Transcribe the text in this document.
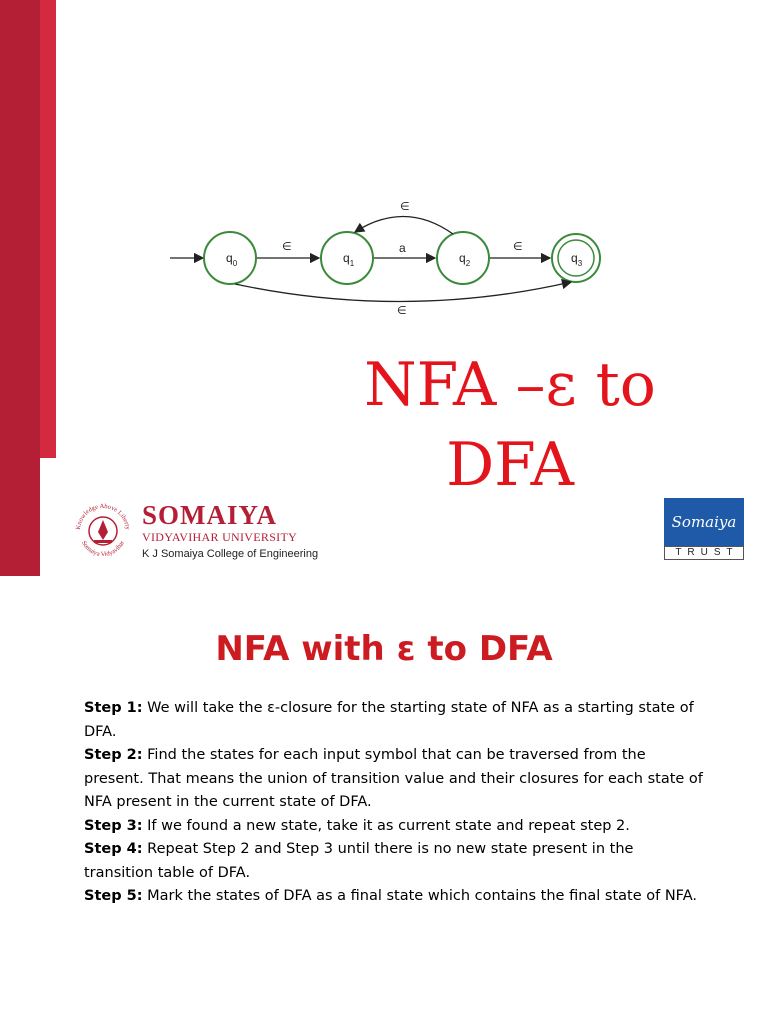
$q_0$	$q_1$	$q_2$	$q_3$
∈	a	∈
∈
∈
NFA –ε to
DFA
Knowledge Above Liberty
Somaiya Vidyavihar
SOMAIYA
VIDYAVIHAR UNIVERSITY
K J Somaiya College of Engineering
Somaiya
TRUST
NFA with ε to DFA

Step 1: We will take the ε-closure for the starting state of NFA as a starting state of DFA.

Step 2: Find the states for each input symbol that can be traversed from the present. That means the union of transition value and their closures for each state of NFA present in the current state of DFA.

Step 3: If we found a new state, take it as current state and repeat step 2.

Step 4: Repeat Step 2 and Step 3 until there is no new state present in the transition table of DFA.

Step 5: Mark the states of DFA as a final state which contains the final state of NFA.
